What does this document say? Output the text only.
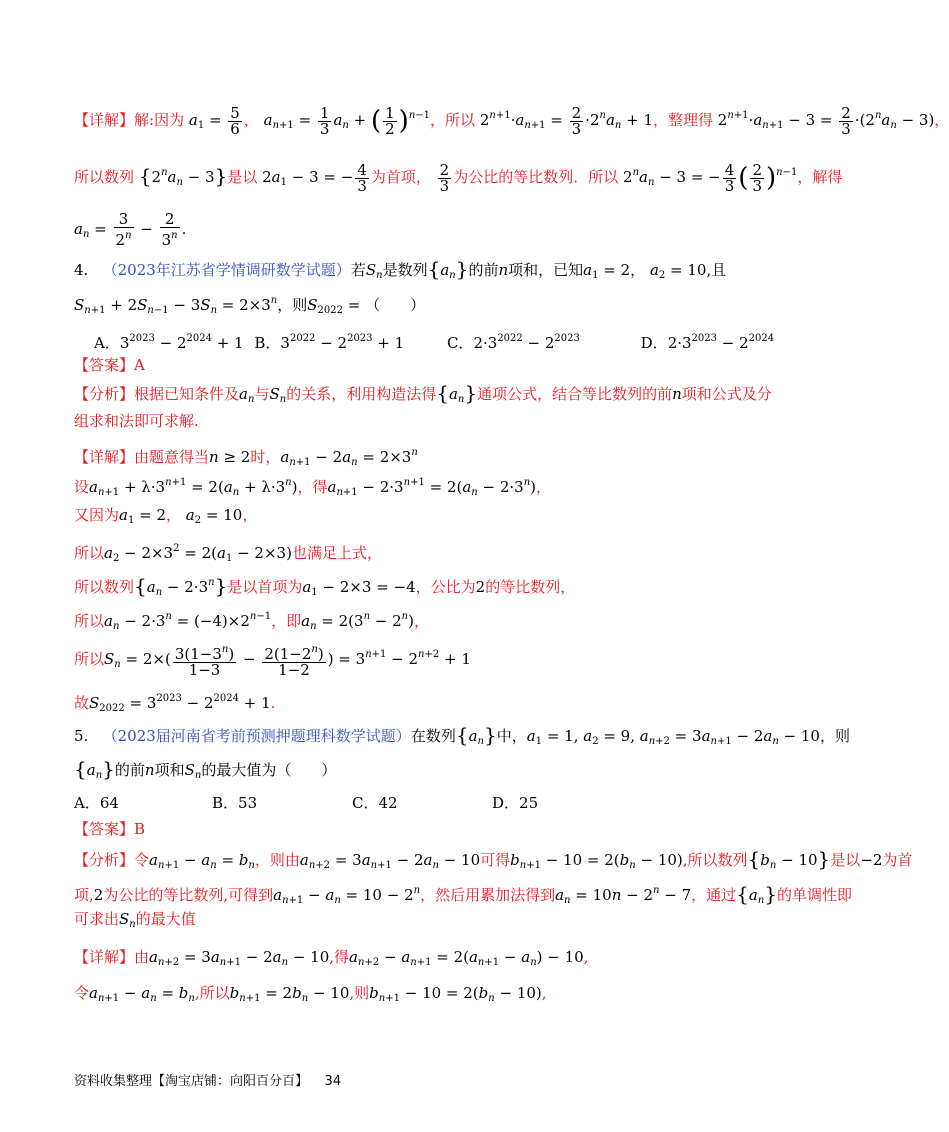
【详解】解:因为 $a_1 = \frac{5}{6}$ ， $a_{n+1} = \frac{1}{3} a_n$ + ( $\frac{1}{2} )^{n-1}$，所以 $2^{n+1}\cdot a_{n+1} = \frac{2}{3} \cdot 2^na_n + 1$，整理得 $2^{n+1}\cdot a_{n+1} - 3 = \frac{2}{3} \cdot(2^na_n - 3)$，
所以数列 $\{2^na_n - 3\}$是以 $2a_1 - 3$ = − $\frac{4}{3}$ 为首项， $\frac{2}{3}$ 为公比的等比数列．所以 $2^na_n - 3$ = − $\frac{4}{3}$ ( $\frac{2}{3} )^{n-1}$，解得
$a_n = \frac{3}{2^n} - \frac{2}{3^n}$ .
4. （2023年江苏省学情调研数学试题）若$S_n$是数列$\{a_n\}$的前n项和，已知$a_1 = 2$， $a_2 = 10$,且
$S_{n+1} + 2S_{n-1} - 3S_n = 2\times 3^n$，则$S_{2022}$ = （　　）
A．$3^{2023} - 2^{2024} + 1$ B．$3^{2022} - 2^{2023} + 1$	C．$2\cdot 3^{2022} - 2^{2023}$	D．$2\cdot 3^{2023} - 2^{2024}$
【答案】A
【分析】根据已知条件及$a_n$与$S_n$的关系，利用构造法得$\{a_n\}$通项公式，结合等比数列的前n项和公式及分
组求和法即可求解.
【详解】由题意得当n ≥ 2时，$a_{n+1} - 2a_n = 2\times 3^n$
设$a_{n+1} + \lambda\cdot 3^{n+1} = 2(a_n + \lambda\cdot 3^n)$，得$a_{n+1} - 2\cdot 3^{n+1} = 2(a_n - 2\cdot 3^n)$，
又因为$a_1 = 2$， $a_2 = 10$，
所以$a_2 - 2\times 3^2 = 2(a_1 - 2\times 3)$也满足上式，
所以数列$\{a_n - 2\cdot 3^n\}$是以首项为$a_1 - 2\times 3 = -4$，公比为2的等比数列，
所以$a_n - 2\cdot 3^n = (-4)\times 2^{n-1}$，即$a_n = 2(3^n - 2^n)$，
所以$S_n = 2\times( \frac{3(1-3^n)}{1-3} - \frac{2(1-2^n)}{1-2}$ ) = $3^{n+1} - 2^{n+2} + 1$
故$S_{2022} = 3^{2023} - 2^{2024} + 1$.
5. （2023届河南省考前预测押题理科数学试题）在数列$\{a_n\}$中，$a_1 = 1$, $a_2 = 9$, $a_{n+2} = 3a_{n+1} - 2a_n - 10$，则
$\{a_n\}$的前n项和$S_n$的最大值为（　　）
A．64	B．53	C．42	D．25
【答案】B
【分析】令$a_{n+1} - a_n = b_n$，则由$a_{n+2} = 3a_{n+1} - 2a_n - 10$可得$b_{n+1} - 10 = 2(b_n - 10)$,所以数列$\{b_n - 10\}$是以−2为首
项,2为公比的等比数列,可得到$a_{n+1} - a_n = 10 - 2^n$，然后用累加法得到$a_n = 10n - 2^n - 7$，通过$\{a_n\}$的单调性即
可求出$S_n$的最大值
【详解】由$a_{n+2} = 3a_{n+1} - 2a_n - 10$,得$a_{n+2} - a_{n+1} = 2(a_{n+1} - a_n) - 10$,
令$a_{n+1} - a_n = b_n$,所以$b_{n+1} = 2b_n - 10$,则$b_{n+1} - 10 = 2(b_n - 10)$,
资料收集整理【淘宝店铺：向阳百分百】 34
